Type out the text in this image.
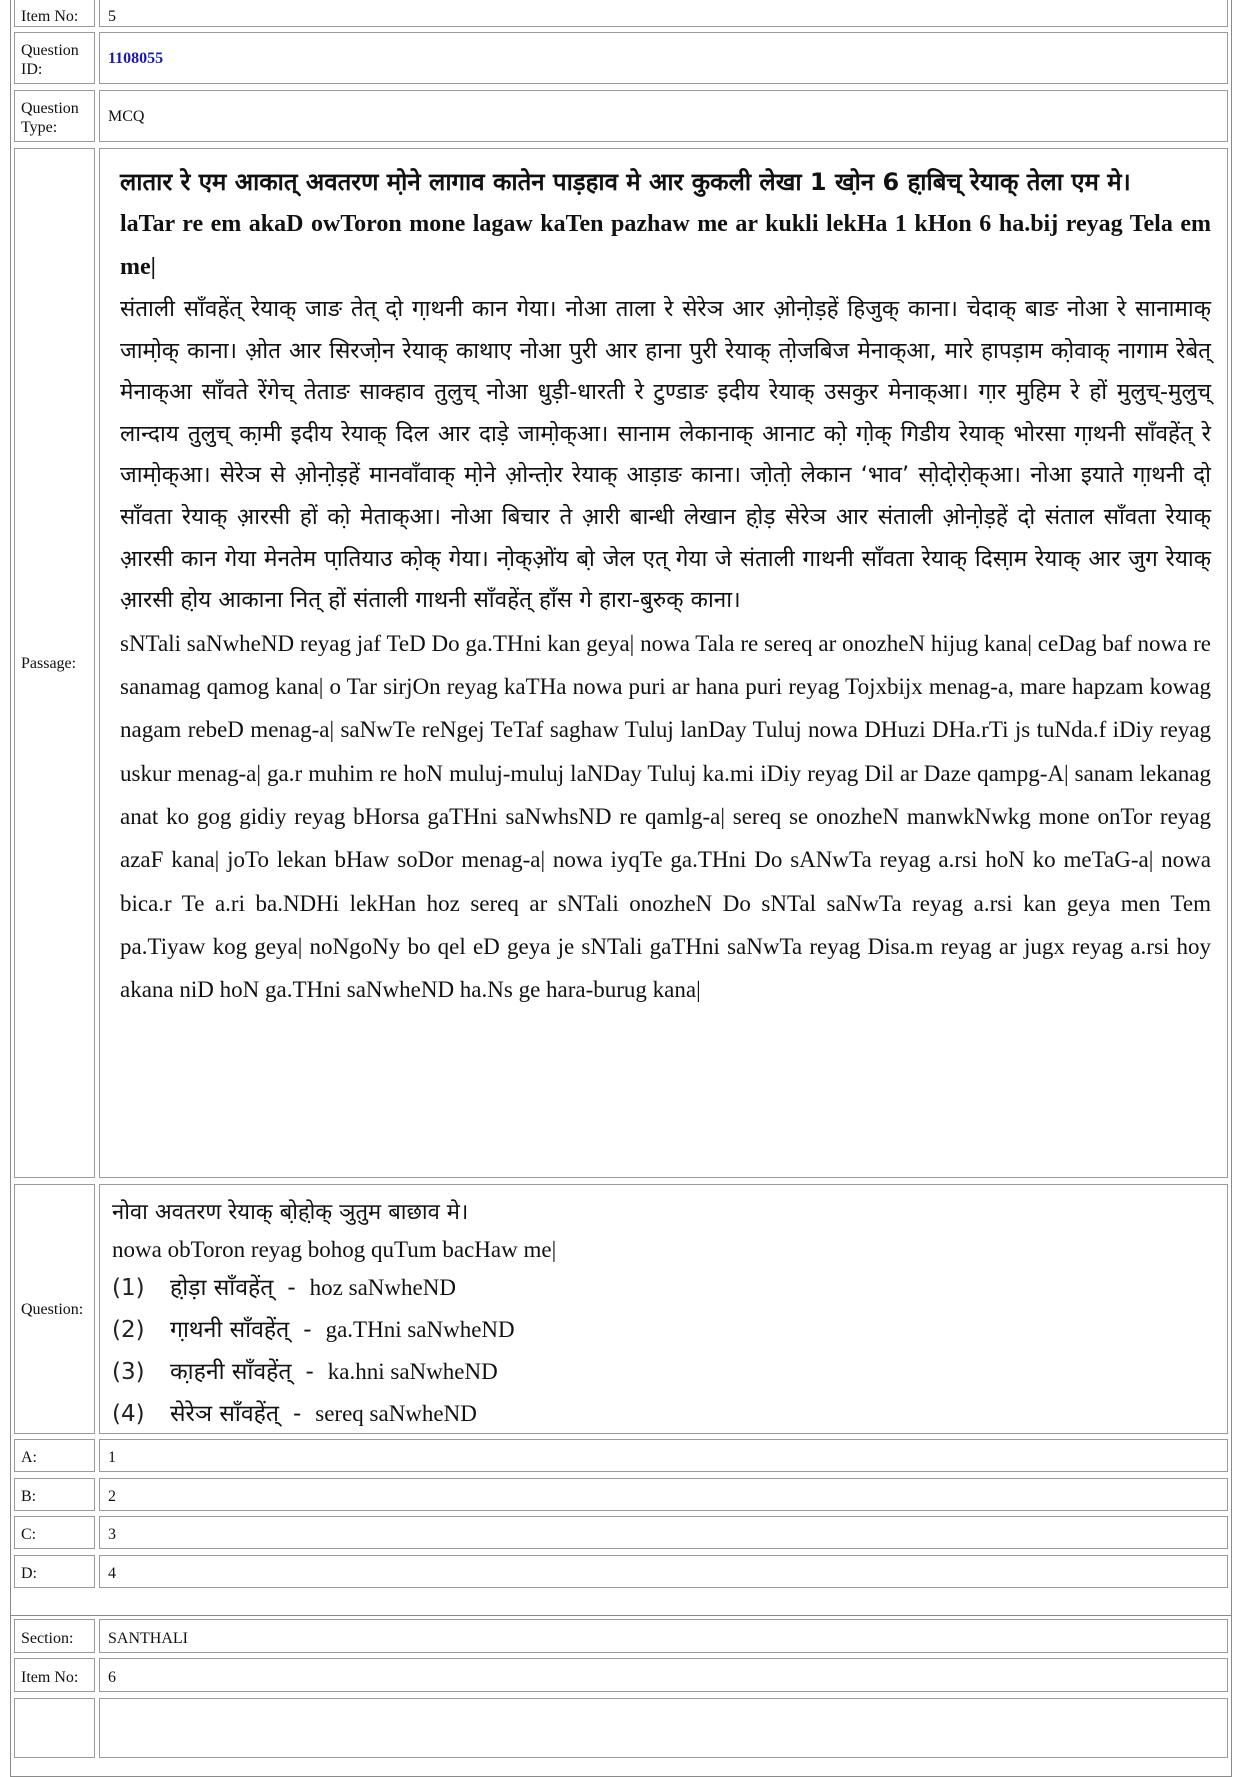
Item No:	5
Question ID:
1108055
Question Type:
MCQ
Passage:

लातार रे एम आकात् अवतरण मो़ने लागाव कातेन पाड़हाव मे आर कुकली लेखा 1 खो़न 6 हा़बिच् रेयाक् तेला एम मे।

laTar re em akaD owToron mone lagaw kaTen pazhaw me ar kukli lekHa 1 kHon 6 ha.bij reyag Tela em me|

संताली साँवहेंत् रेयाक् जाङ तेत् दो़ गा़थनी कान गेया। नोआ ताला रे सेरेञ आर ओ़नो़ड़हें हिजुक् काना। चेदाक् बाङ नोआ रे सानामाक् जामो़क् काना। ओ़त आर सिरजो़न रेयाक् काथाए नोआ पुरी आर हाना पुरी रेयाक् तो़जबिज मेनाक्आ, मारे हापड़ाम को़वाक् नागाम रेबेत् मेनाक्आ साँवते रेंगेच् तेताङ साक्हाव तुलुच् नोआ धुड़ी-धारती रे टुण्डाङ इदीय रेयाक् उसकुर मेनाक्आ। गा़र मुहिम रे हों मुलुच्-मुलुच् लान्दाय तुलुच् का़मी इदीय रेयाक् दिल आर दाड़े जामो़क्आ। सानाम लेकानाक् आनाट को़ गो़क् गिडीय रेयाक् भोरसा गा़थनी साँवहेंत् रे जामो़क्आ। सेरेञ से ओ़नो़ड़हें मानवाँवाक् मो़ने ओ़न्तो़र रेयाक् आड़ाङ काना। जो़तो़ लेकान ‘भाव’ सो़दो़रो़क्आ। नोआ इयाते गा़थनी दो़ साँवता रेयाक् आ़रसी हों को़ मेताक्आ। नोआ बिचार ते आ़री बान्धी लेखान हो़ड़ सेरेञ आर संताली ओ़नो़ड़हें दो़ संताल साँवता रेयाक् आ़रसी कान गेया मेनतेम पा़तियाउ को़क् गेया। नो़क्ओ़ंय बो़ जेल एत् गेया जे संताली गाथनी साँवता रेयाक् दिसा़म रेयाक् आर जुग रेयाक् आ़रसी हो़य आकाना नित् हों संताली गाथनी साँवहेंत् हाँस गे हारा-बुरुक् काना।

sNTali saNwheND reyag jaf TeD Do ga.THni kan geya| nowa Tala re sereq ar onozheN hijug kana| ceDag baf nowa re sanamag qamog kana| o Tar sirjOn reyag kaTHa nowa puri ar hana puri reyag Tojxbijx menag-a, mare hapzam kowag nagam rebeD menag-a| saNwTe reNgej TeTaf saghaw Tuluj lanDay Tuluj nowa DHuzi DHa.rTi js tuNda.f iDiy reyag uskur menag-a| ga.r muhim re hoN muluj-muluj laNDay Tuluj ka.mi iDiy reyag Dil ar Daze qampg-A| sanam lekanag anat ko gog gidiy reyag bHorsa gaTHni saNwhsND re qamlg-a| sereq se onozheN manwkNwkg mone onTor reyag azaF kana| joTo lekan bHaw soDor menag-a| nowa iyqTe ga.THni Do sANwTa reyag a.rsi hoN ko meTaG-a| nowa bica.r Te a.ri ba.NDHi lekHan hoz sereq ar sNTali onozheN Do sNTal saNwTa reyag a.rsi kan geya men Tem pa.Tiyaw kog geya| noNgoNy bo qel eD geya je sNTali gaTHni saNwTa reyag Disa.m reyag ar jugx reyag a.rsi hoy akana niD hoN ga.THni saNwheND ha.Ns ge hara-burug kana|

Question:

नोवा अवतरण रेयाक् बो़हो़क् ञुतुम बाछाव मे।

nowa obToron reyag bohog quTum bacHaw me|

(1) हो़ड़ा साँवहेंत् - hoz saNwheND

(2) गा़थनी साँवहेंत् - ga.THni saNwheND

(3) का़हनी साँवहेंत् - ka.hni saNwheND

(4) सेरेञ साँवहेंत् - sereq saNwheND

A:	1
B:	2
C:	3
D:	4
Section:	SANTHALI
Item No:	6
